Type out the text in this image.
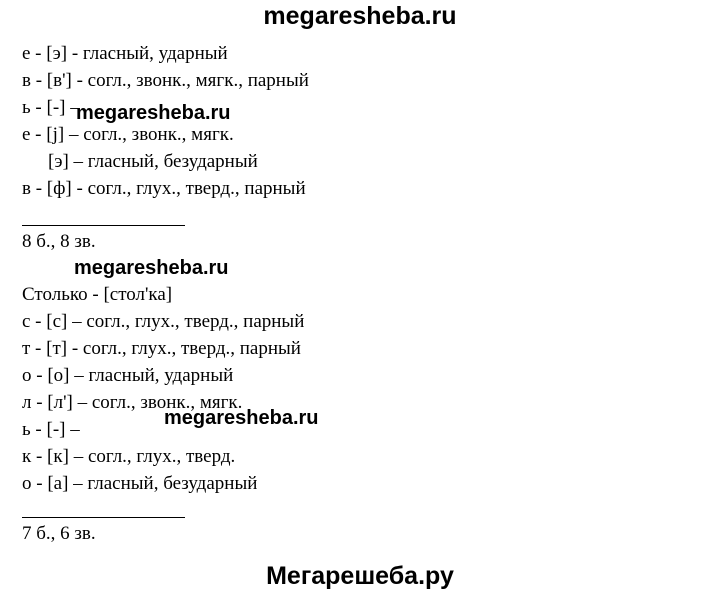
megaresheba.ru
е - [э] - гласный, ударный
в - [в'] - согл., звонк., мягк., парный
ь - [-] –
е - [j] – согл., звонк., мягк.
[э] – гласный, безударный
в - [ф] - согл., глух., тверд., парный
8 б., 8 зв.
Столько - [стол'ка]
с - [с] – согл., глух., тверд., парный
т - [т] - согл., глух., тверд., парный
о - [о] – гласный, ударный
л - [л'] – согл., звонк., мягк.
ь - [-] –
к - [к] – согл., глух., тверд.
о - [а] – гласный, безударный
7 б., 6 зв.
megaresheba.ru
megaresheba.ru
megaresheba.ru
Мегарешеба.ру
